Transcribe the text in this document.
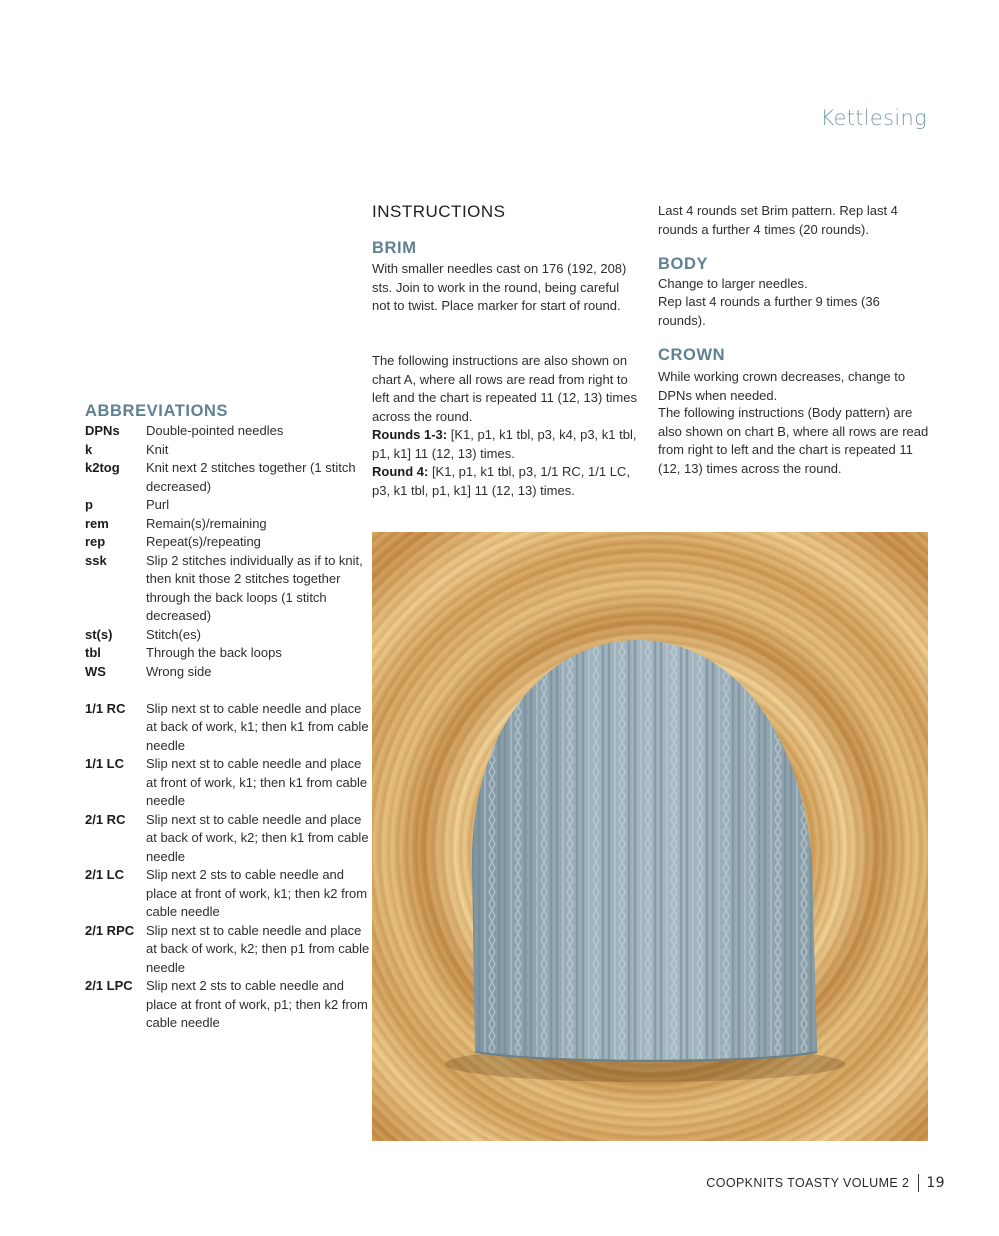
Kettlesing
ABBREVIATIONS
DPNs	Double-pointed needles
k	Knit
k2tog	Knit next 2 stitches together (1 stitch decreased)
p	Purl
rem	Remain(s)/remaining
rep	Repeat(s)/repeating
ssk	Slip 2 stitches individually as if to knit, then knit those 2 stitches together through the back loops (1 stitch decreased)
st(s)	Stitch(es)
tbl	Through the back loops
WS	Wrong side
1/1 RC	Slip next st to cable needle and place at back of work, k1; then k1 from cable needle
1/1 LC	Slip next st to cable needle and place at front of work, k1; then k1 from cable needle
2/1 RC	Slip next st to cable needle and place at back of work, k2; then k1 from cable needle
2/1 LC	Slip next 2 sts to cable needle and place at front of work, k1; then k2 from cable needle
2/1 RPC Slip next st to cable needle and place at back of work, k2; then p1 from cable needle
2/1 LPC	Slip next 2 sts to cable needle and place at front of work, p1; then k2 from cable needle
INSTRUCTIONS
BRIM

With smaller needles cast on 176 (192, 208) sts. Join to work in the round, being careful not to twist. Place marker for start of round.

The following instructions are also shown on chart A, where all rows are read from right to left and the chart is repeated 11 (12, 13) times across the round.

Rounds 1-3: [K1, p1, k1 tbl, p3, k4, p3, k1 tbl, p1, k1] 11 (12, 13) times.

Round 4: [K1, p1, k1 tbl, p3, 1/1 RC, 1/1 LC, p3, k1 tbl, p1, k1] 11 (12, 13) times.

Last 4 rounds set Brim pattern. Rep last 4 rounds a further 4 times (20 rounds).

BODY

Change to larger needles.

Rep last 4 rounds a further 9 times (36 rounds).

CROWN

While working crown decreases, change to DPNs when needed.

The following instructions (Body pattern) are also shown on chart B, where all rows are read from right to left and the chart is repeated 11 (12, 13) times across the round.

COOPKNITS TOASTY VOLUME 2 19
